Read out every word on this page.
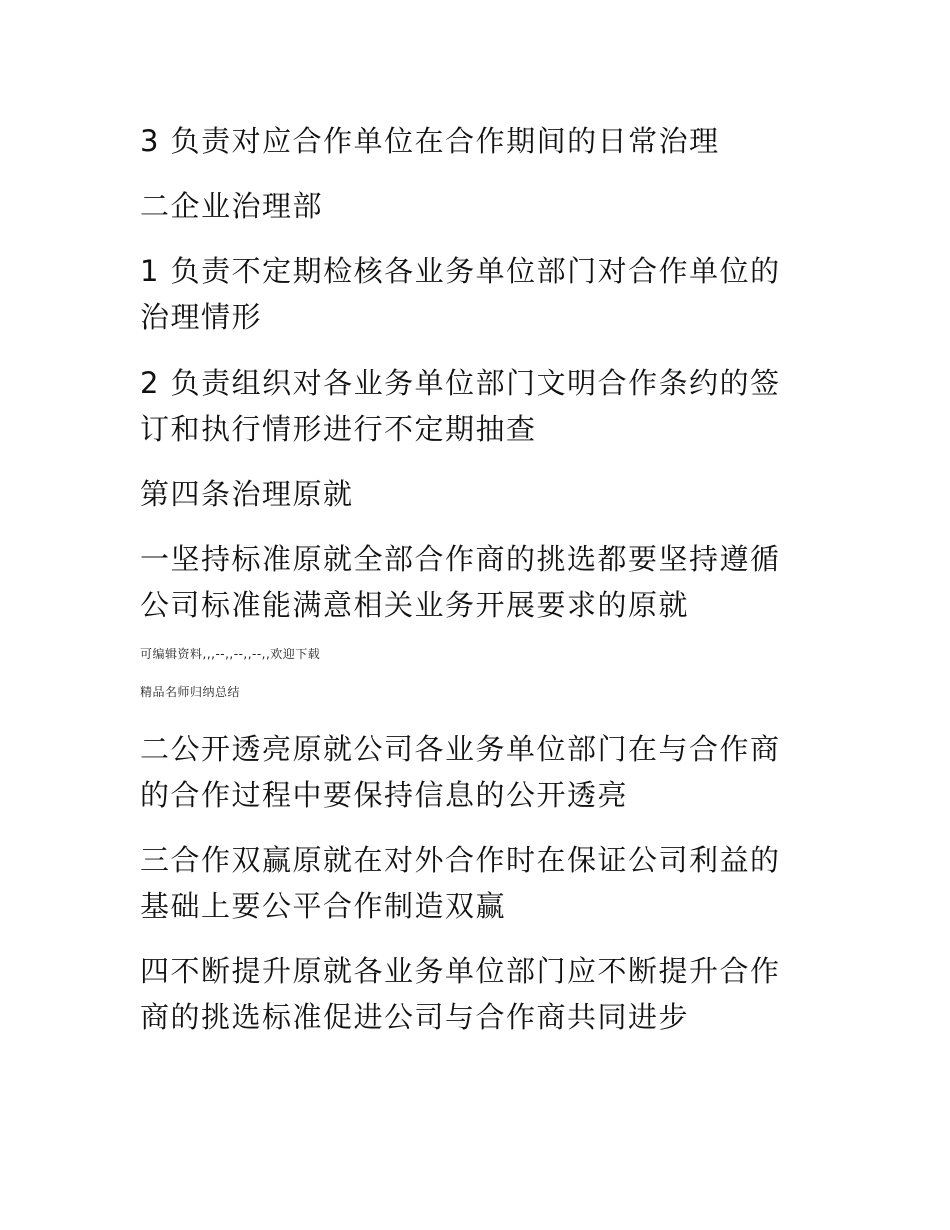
3 负责对应合作单位在合作期间的日常治理

二企业治理部

1 负责不定期检核各业务单位部门对合作单位的治理情形

2 负责组织对各业务单位部门文明合作条约的签订和执行情形进行不定期抽查

第四条治理原就

一坚持标准原就全部合作商的挑选都要坚持遵循公司标准能满意相关业务开展要求的原就

可编辑资料,,,--,,--,,--,,欢迎下载

精品名师归纳总结

二公开透亮原就公司各业务单位部门在与合作商的合作过程中要保持信息的公开透亮

三合作双赢原就在对外合作时在保证公司利益的基础上要公平合作制造双赢

四不断提升原就各业务单位部门应不断提升合作商的挑选标准促进公司与合作商共同进步
